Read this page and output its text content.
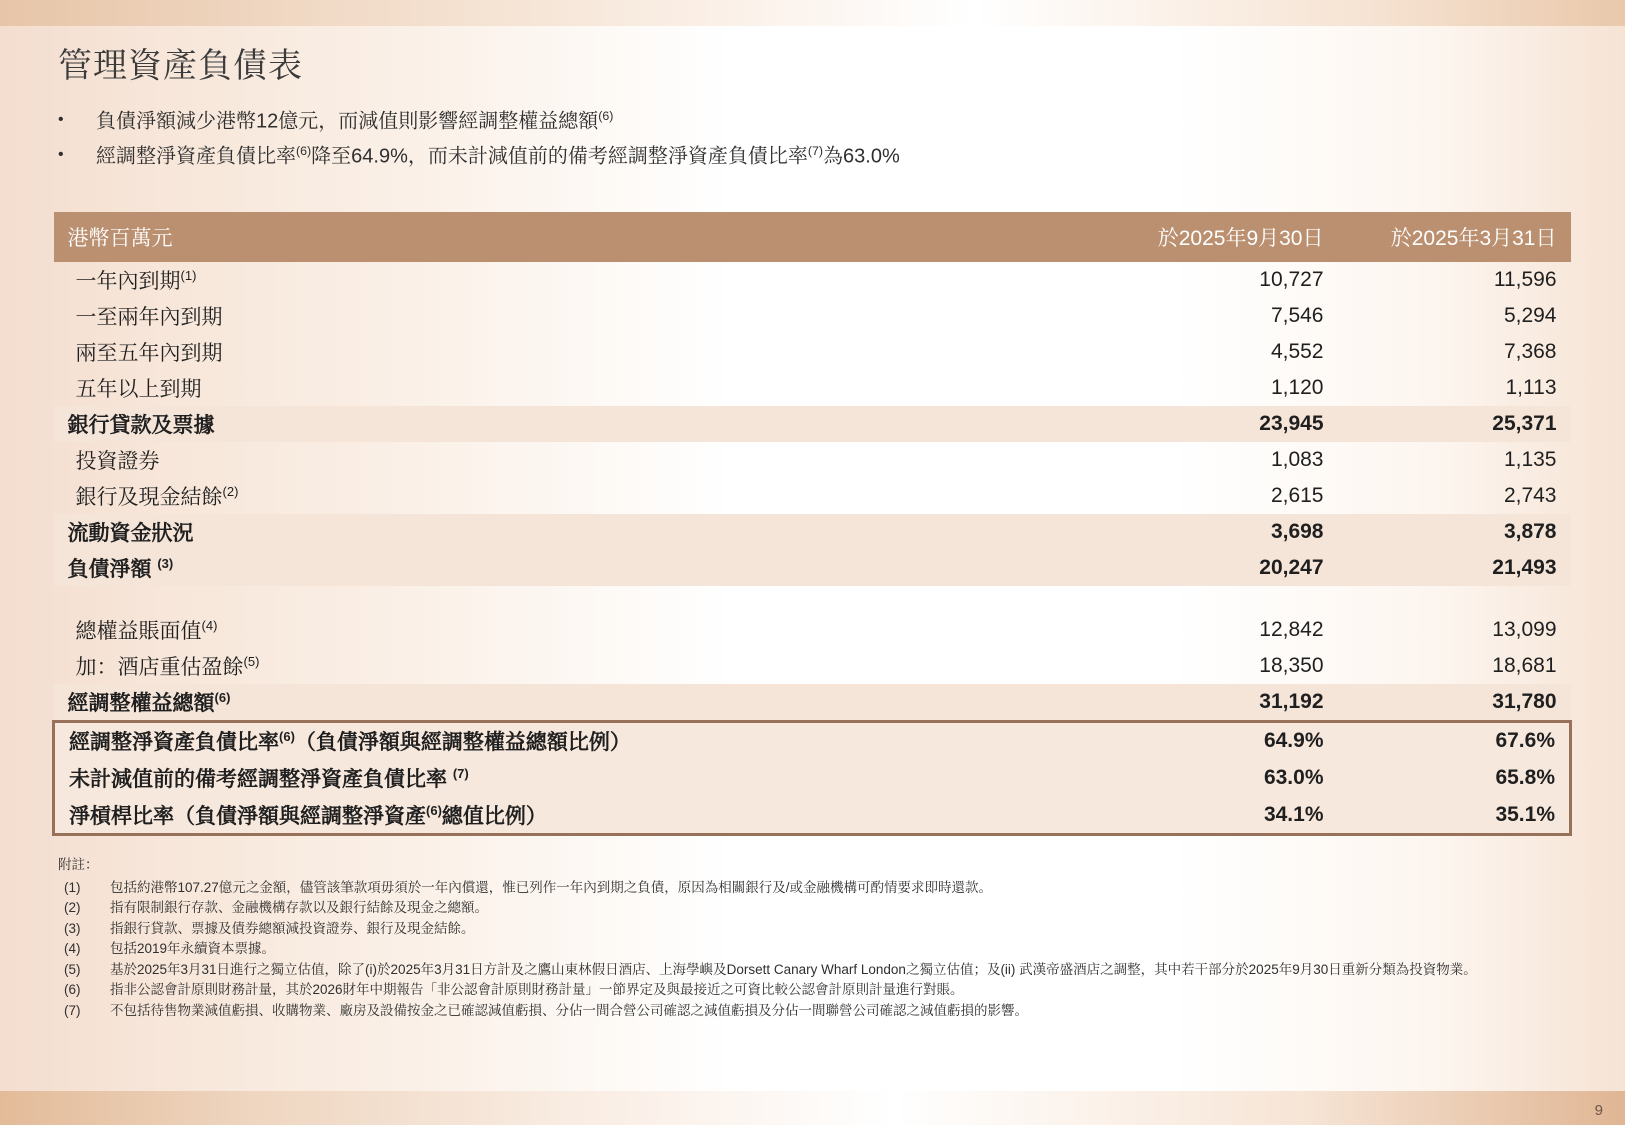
管理資產負債表
•	負債淨額減少港幣12億元，而減值則影響經調整權益總額$^{(6)}$
•	經調整淨資產負債比率$^{(6)}$降至64.9%，而未計減值前的備考經調整淨資產負債比率$^{(7)}$為63.0%
港幣百萬元	於2025年9月30日	於2025年3月31日
一年內到期$^{(1)}$	10,727	11,596
一至兩年內到期	7,546	5,294
兩至五年內到期	4,552	7,368
五年以上到期	1,120	1,113
銀行貸款及票據	23,945	25,371
投資證券	1,083	1,135
銀行及現金結餘$^{(2)}$	2,615	2,743
流動資金狀況	3,698	3,878
負債淨額 $^{(3)}$	20,247	21,493

總權益賬面值$^{(4)}$	12,842	13,099
加：酒店重估盈餘$^{(5)}$	18,350	18,681
經調整權益總額$^{(6)}$	31,192	31,780
經調整淨資產負債比率$^{(6)}$（負債淨額與經調整權益總額比例）	64.9%	67.6%
未計減值前的備考經調整淨資產負債比率 $^{(7)}$	63.0%	65.8%
淨槓桿比率（負債淨額與經調整淨資產$^{(6)}$總值比例）	34.1%	35.1%
附註：
(1)	包括約港幣107.27億元之金額，儘管該筆款項毋須於一年內償還，惟已列作一年內到期之負債，原因為相關銀行及/或金融機構可酌情要求即時還款。
(2)	指有限制銀行存款、金融機構存款以及銀行結餘及現金之總額。
(3)	指銀行貸款、票據及債券總額減投資證券、銀行及現金結餘。
(4)	包括2019年永續資本票據。
(5)	基於2025年3月31日進行之獨立估值，除了(i)於2025年3月31日方計及之鷹山東林假日酒店、上海學嶼及Dorsett Canary Wharf London之獨立估值；及(ii) 武漢帝盛酒店之調整，其中若干部分於2025年9月30日重新分類為投資物業。
(6)	指非公認會計原則財務計量，其於2026財年中期報告「非公認會計原則財務計量」一節界定及與最接近之可資比較公認會計原則計量進行對賬。
(7)	不包括待售物業減值虧損、收購物業、廠房及設備按金之已確認減值虧損、分佔一間合營公司確認之減值虧損及分佔一間聯營公司確認之減值虧損的影響。
9
